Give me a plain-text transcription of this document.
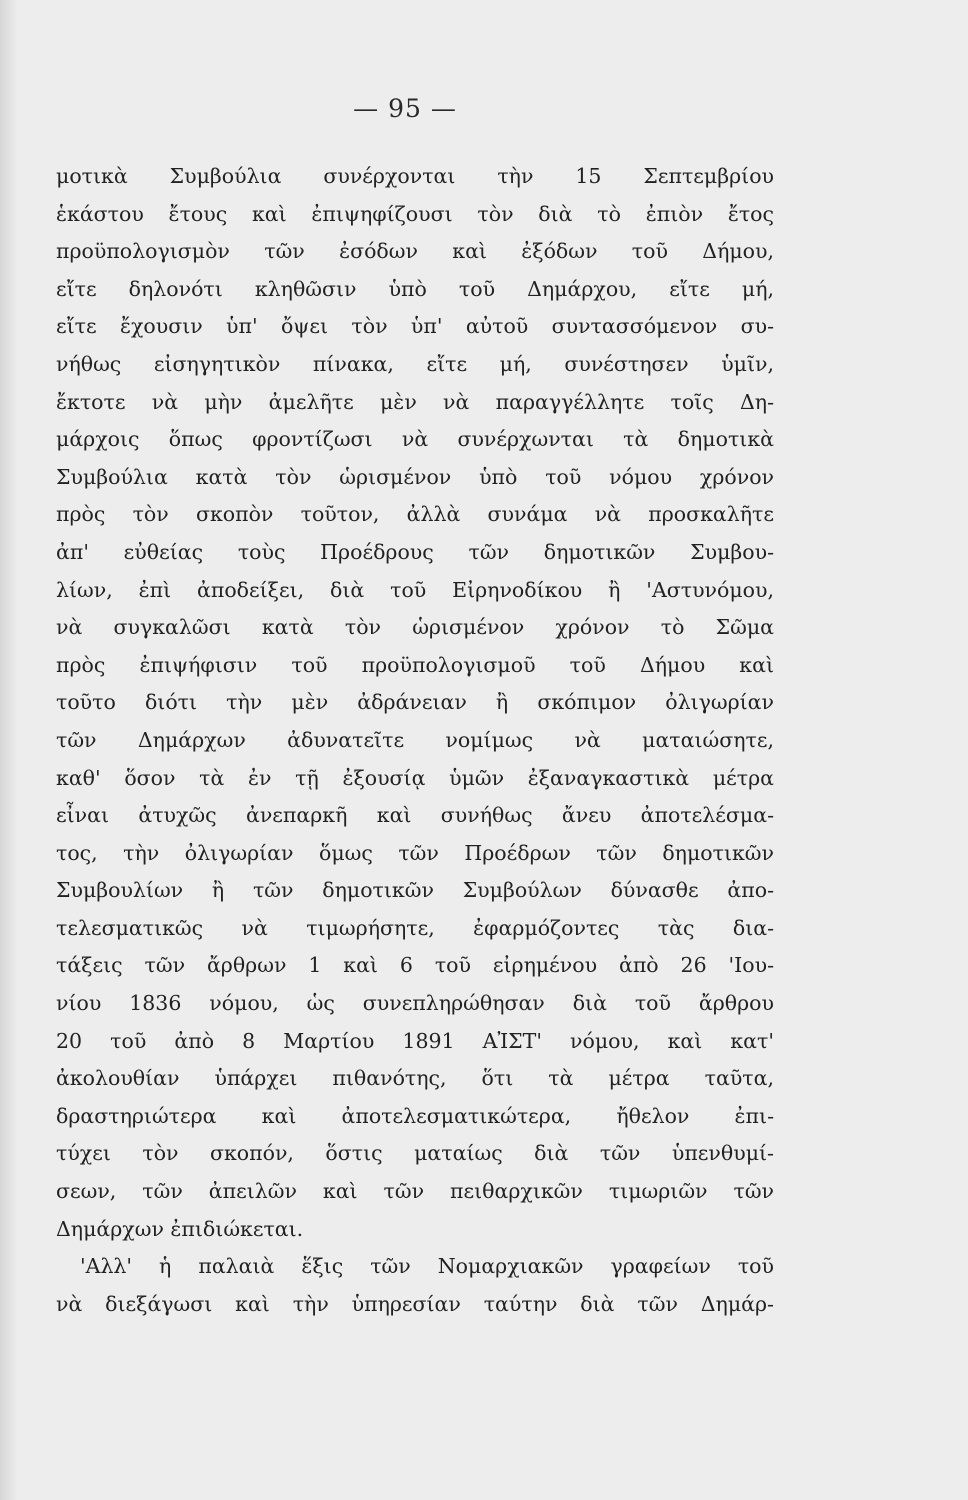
— 95 —
μοτικὰ Συμβούλια συνέρχονται τὴν 15 Σεπτεμβρίου
ἑκάστου ἔτους καὶ ἐπιψηφίζουσι τὸν διὰ τὸ ἐπιὸν ἔτος
προϋπολογισμὸν τῶν ἐσόδων καὶ ἐξόδων τοῦ Δήμου,
εἴτε δηλονότι κληθῶσιν ὑπὸ τοῦ Δημάρχου, εἴτε μή,
εἴτε ἔχουσιν ὑπ' ὄψει τὸν ὑπ' αὐτοῦ συντασσόμενον συ-
νήθως εἰσηγητικὸν πίνακα, εἴτε μή, συνέστησεν ὑμῖν,
ἔκτοτε νὰ μὴν ἀμελῆτε μὲν νὰ παραγγέλλητε τοῖς Δη-
μάρχοις ὅπως φροντίζωσι νὰ συνέρχωνται τὰ δημοτικὰ
Συμβούλια κατὰ τὸν ὡρισμένον ὑπὸ τοῦ νόμου χρόνον
πρὸς τὸν σκοπὸν τοῦτον, ἀλλὰ συνάμα νὰ προσκαλῆτε
ἀπ' εὐθείας τοὺς Προέδρους τῶν δημοτικῶν Συμβου-
λίων, ἐπὶ ἀποδείξει, διὰ τοῦ Εἰρηνοδίκου ἢ 'Αστυνόμου,
νὰ συγκαλῶσι κατὰ τὸν ὡρισμένον χρόνον τὸ Σῶμα
πρὸς ἐπιψήφισιν τοῦ προϋπολογισμοῦ τοῦ Δήμου καὶ
τοῦτο διότι τὴν μὲν ἀδράνειαν ἢ σκόπιμον ὀλιγωρίαν
τῶν Δημάρχων ἀδυνατεῖτε νομίμως νὰ ματαιώσητε,
καθ' ὅσον τὰ ἐν τῇ ἐξουσίᾳ ὑμῶν ἐξαναγκαστικὰ μέτρα
εἶναι ἀτυχῶς ἀνεπαρκῆ καὶ συνήθως ἄνευ ἀποτελέσμα-
τος, τὴν ὀλιγωρίαν ὅμως τῶν Προέδρων τῶν δημοτικῶν
Συμβουλίων ἢ τῶν δημοτικῶν Συμβούλων δύνασθε ἀπο-
τελεσματικῶς νὰ τιμωρήσητε, ἐφαρμόζοντες τὰς δια-
τάξεις τῶν ἄρθρων 1 καὶ 6 τοῦ εἰρημένου ἀπὸ 26 'Ιου-
νίου 1836 νόμου, ὡς συνεπληρώθησαν διὰ τοῦ ἄρθρου
20 τοῦ ἀπὸ 8 Μαρτίου 1891 ΑἸΣΤ' νόμου, καὶ κατ'
ἀκολουθίαν ὑπάρχει πιθανότης, ὅτι τὰ μέτρα ταῦτα,
δραστηριώτερα καὶ ἀποτελεσματικώτερα, ἤθελον ἐπι-
τύχει τὸν σκοπόν, ὅστις ματαίως διὰ τῶν ὑπενθυμί-
σεων, τῶν ἀπειλῶν καὶ τῶν πειθαρχικῶν τιμωριῶν τῶν
Δημάρχων ἐπιδιώκεται.
'Αλλ' ἡ παλαιὰ ἕξις τῶν Νομαρχιακῶν γραφείων τοῦ
νὰ διεξάγωσι καὶ τὴν ὑπηρεσίαν ταύτην διὰ τῶν Δημάρ-
